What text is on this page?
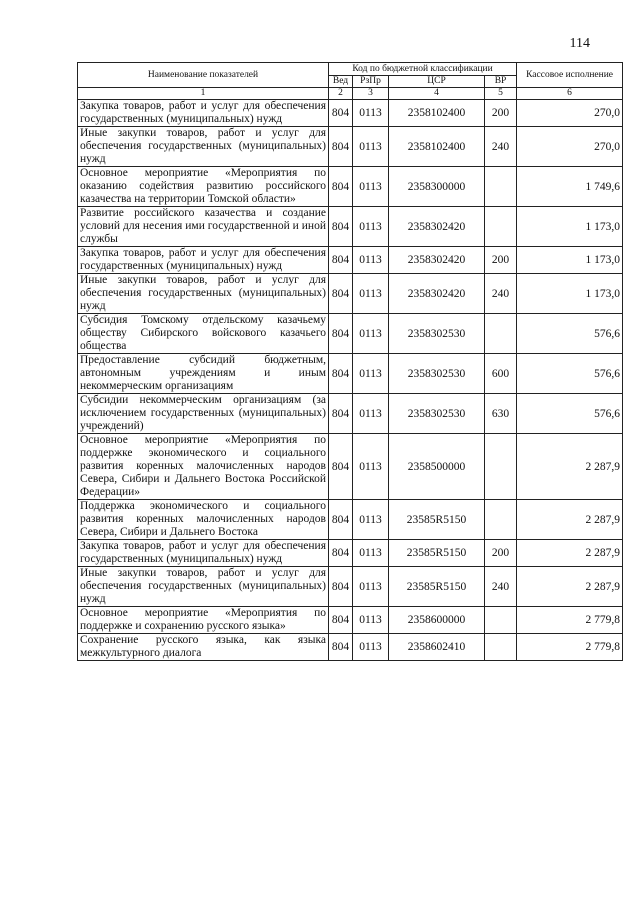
114
Наименование показателей	Код по бюджетной классификации				Кассовое исполнение
	Вед	РзПр	ЦСР	ВР	
1	2	3	4	5	6
Закупка товаров, работ и услуг для обеспечения государственных (муниципальных) нужд	804	0113	2358102400	200	270,0
Иные закупки товаров, работ и услуг для обеспечения государственных (муниципальных) нужд	804	0113	2358102400	240	270,0
Основное мероприятие «Мероприятия по оказанию содействия развитию российского казачества на территории Томской области»	804	0113	2358300000		1 749,6
Развитие российского казачества и создание условий для несения ими государственной и иной службы	804	0113	2358302420		1 173,0
Закупка товаров, работ и услуг для обеспечения государственных (муниципальных) нужд	804	0113	2358302420	200	1 173,0
Иные закупки товаров, работ и услуг для обеспечения государственных (муниципальных) нужд	804	0113	2358302420	240	1 173,0
Субсидия Томскому отдельскому казачьему обществу Сибирского войскового казачьего общества	804	0113	2358302530		576,6
Предоставление субсидий бюджетным, автономным учреждениям и иным некоммерческим организациям	804	0113	2358302530	600	576,6
Субсидии некоммерческим организациям (за исключением государственных (муниципальных) учреждений)	804	0113	2358302530	630	576,6
Основное мероприятие «Мероприятия по поддержке экономического и социального развития коренных малочисленных народов Севера, Сибири и Дальнего Востока Российской Федерации»	804	0113	2358500000		2 287,9
Поддержка экономического и социального развития коренных малочисленных народов Севера, Сибири и Дальнего Востока	804	0113	23585R5150		2 287,9
Закупка товаров, работ и услуг для обеспечения государственных (муниципальных) нужд	804	0113	23585R5150	200	2 287,9
Иные закупки товаров, работ и услуг для обеспечения государственных (муниципальных) нужд	804	0113	23585R5150	240	2 287,9
Основное мероприятие «Мероприятия по поддержке и сохранению русского языка»	804	0113	2358600000		2 779,8
Сохранение русского языка, как языка межкультурного диалога	804	0113	2358602410		2 779,8
